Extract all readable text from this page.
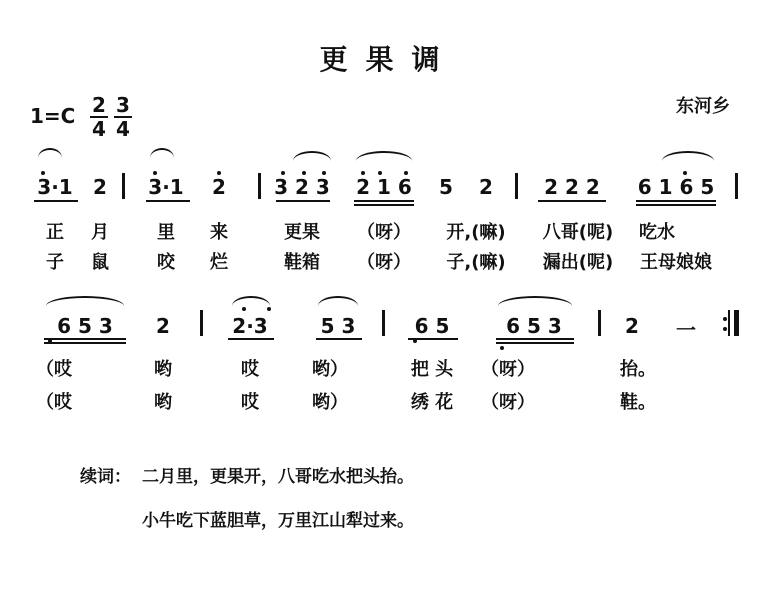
更果调
1=C 2
4
3
4
东河乡
3·1 2 3·1 2 3 2 3 2 1 6 5 2	2 2 2 6 1 6 5
正 月	里 来	更果 （呀） 开,(嘛) 八哥(呢) 吃水
子 鼠	咬 烂	鞋箱 （呀） 子,(嘛) 漏出(呢) 王母娘娘
6 5 3 2	2·3	5 3	6 5	6 5 3	2 一
（哎	哟	哎	哟）	把 头 （呀）	抬。
（哎	哟	哎	哟）	绣 花 （呀）	鞋。
续词： 二月里，更果开，八哥吃水把头抬。
小牛吃下蓝胆草，万里江山犁过来。
